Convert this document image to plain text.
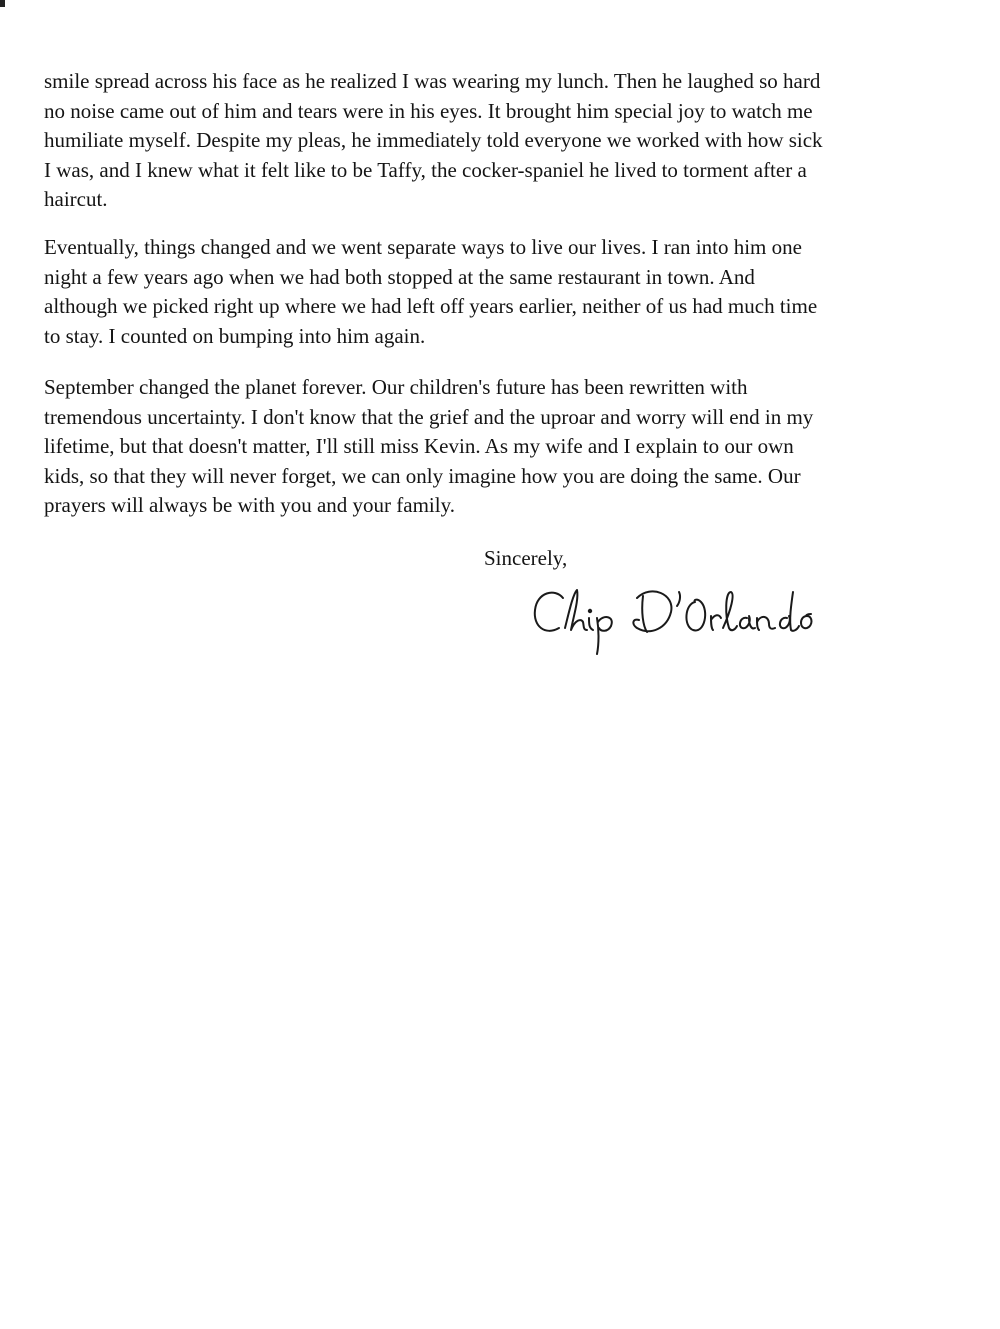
smile spread across his face as he realized I was wearing my lunch. Then he laughed so hard
no noise came out of him and tears were in his eyes. It brought him special joy to watch me
humiliate myself. Despite my pleas, he immediately told everyone we worked with how sick
I was, and I knew what it felt like to be Taffy, the cocker-spaniel he lived to torment after a
haircut.

Eventually, things changed and we went separate ways to live our lives. I ran into him one
night a few years ago when we had both stopped at the same restaurant in town. And
although we picked right up where we had left off years earlier, neither of us had much time
to stay. I counted on bumping into him again.

September changed the planet forever. Our children's future has been rewritten with
tremendous uncertainty. I don't know that the grief and the uproar and worry will end in my
lifetime, but that doesn't matter, I'll still miss Kevin. As my wife and I explain to our own
kids, so that they will never forget, we can only imagine how you are doing the same. Our
prayers will always be with you and your family.

Sincerely,
